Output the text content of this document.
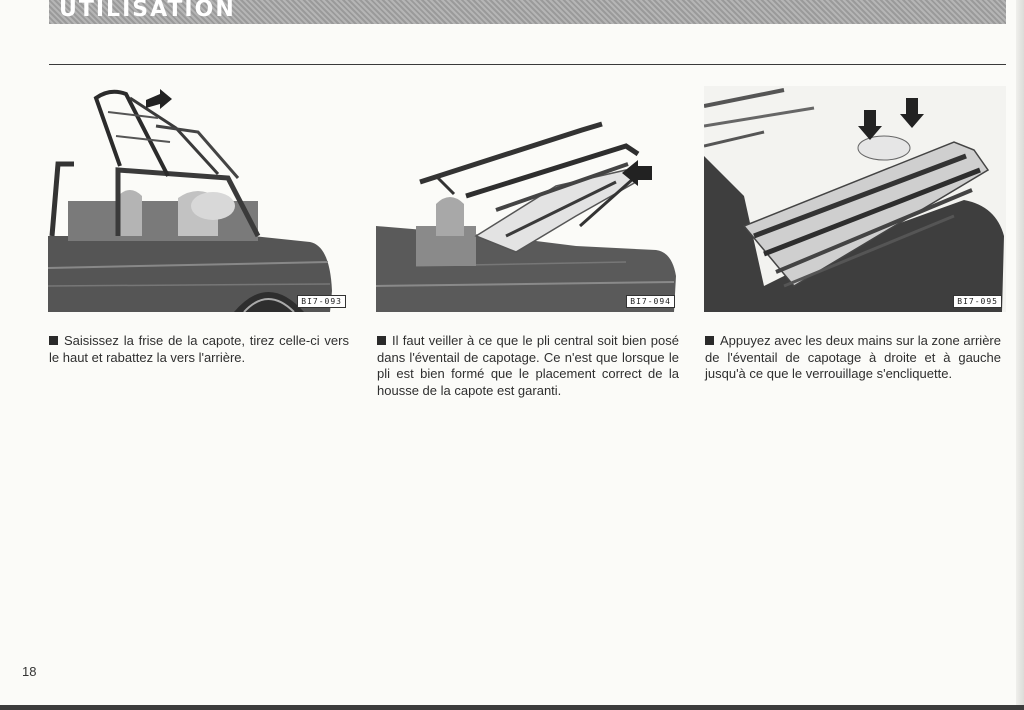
UTILISATION
BI7-093	BI7-094	BI7-095
Saisissez la frise de la capote, tirez celle-ci vers le haut et rabattez la vers l'arrière.
Il faut veiller à ce que le pli central soit bien posé dans l'éventail de capotage. Ce n'est que lorsque le pli est bien formé que le placement correct de la housse de la capote est garanti.
Appuyez avec les deux mains sur la zone arrière de l'éventail de capotage à droite et à gauche jusqu'à ce que le verrouillage s'encliquette.
18
